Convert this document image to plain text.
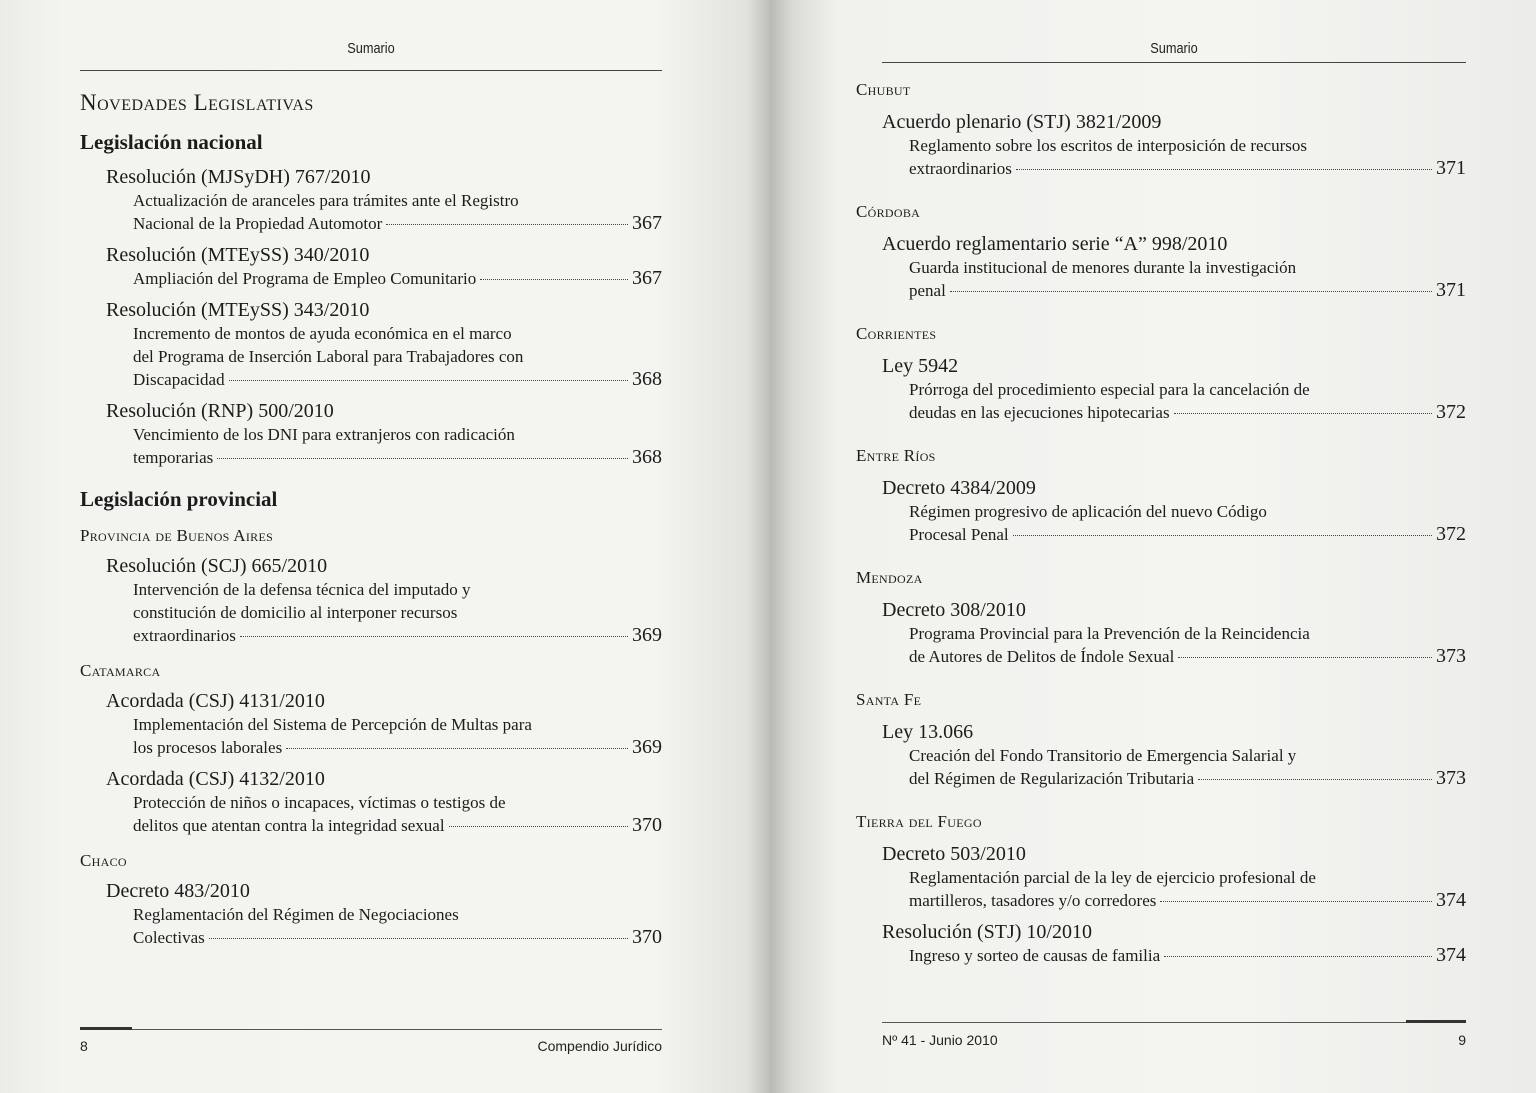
Sumario
Novedades Legislativas
Legislación nacional
Resolución (MJSyDH) 767/2010
Actualización de aranceles para trámites ante el Registro
Nacional de la Propiedad Automotor	367
Resolución (MTEySS) 340/2010
Ampliación del Programa de Empleo Comunitario	367
Resolución (MTEySS) 343/2010
Incremento de montos de ayuda económica en el marco
del Programa de Inserción Laboral para Trabajadores con
Discapacidad	368
Resolución (RNP) 500/2010
Vencimiento de los DNI para extranjeros con radicación
temporarias	368
Legislación provincial
Provincia de Buenos Aires
Resolución (SCJ) 665/2010
Intervención de la defensa técnica del imputado y
constitución de domicilio al interponer recursos
extraordinarios	369
Catamarca
Acordada (CSJ) 4131/2010
Implementación del Sistema de Percepción de Multas para
los procesos laborales	369
Acordada (CSJ) 4132/2010
Protección de niños o incapaces, víctimas o testigos de
delitos que atentan contra la integridad sexual	370
Chaco
Decreto 483/2010
Reglamentación del Régimen de Negociaciones
Colectivas	370
8	Compendio Jurídico
Sumario
Chubut
Acuerdo plenario (STJ) 3821/2009
Reglamento sobre los escritos de interposición de recursos
extraordinarios	371
Córdoba
Acuerdo reglamentario serie “A” 998/2010
Guarda institucional de menores durante la investigación
penal	371
Corrientes
Ley 5942
Prórroga del procedimiento especial para la cancelación de
deudas en las ejecuciones hipotecarias	372
Entre Ríos
Decreto 4384/2009
Régimen progresivo de aplicación del nuevo Código
Procesal Penal	372
Mendoza
Decreto 308/2010
Programa Provincial para la Prevención de la Reincidencia
de Autores de Delitos de Índole Sexual	373
Santa Fe
Ley 13.066
Creación del Fondo Transitorio de Emergencia Salarial y
del Régimen de Regularización Tributaria	373
Tierra del Fuego
Decreto 503/2010
Reglamentación parcial de la ley de ejercicio profesional de
martilleros, tasadores y/o corredores	374
Resolución (STJ) 10/2010
Ingreso y sorteo de causas de familia	374
Nº 41 - Junio 2010	9
